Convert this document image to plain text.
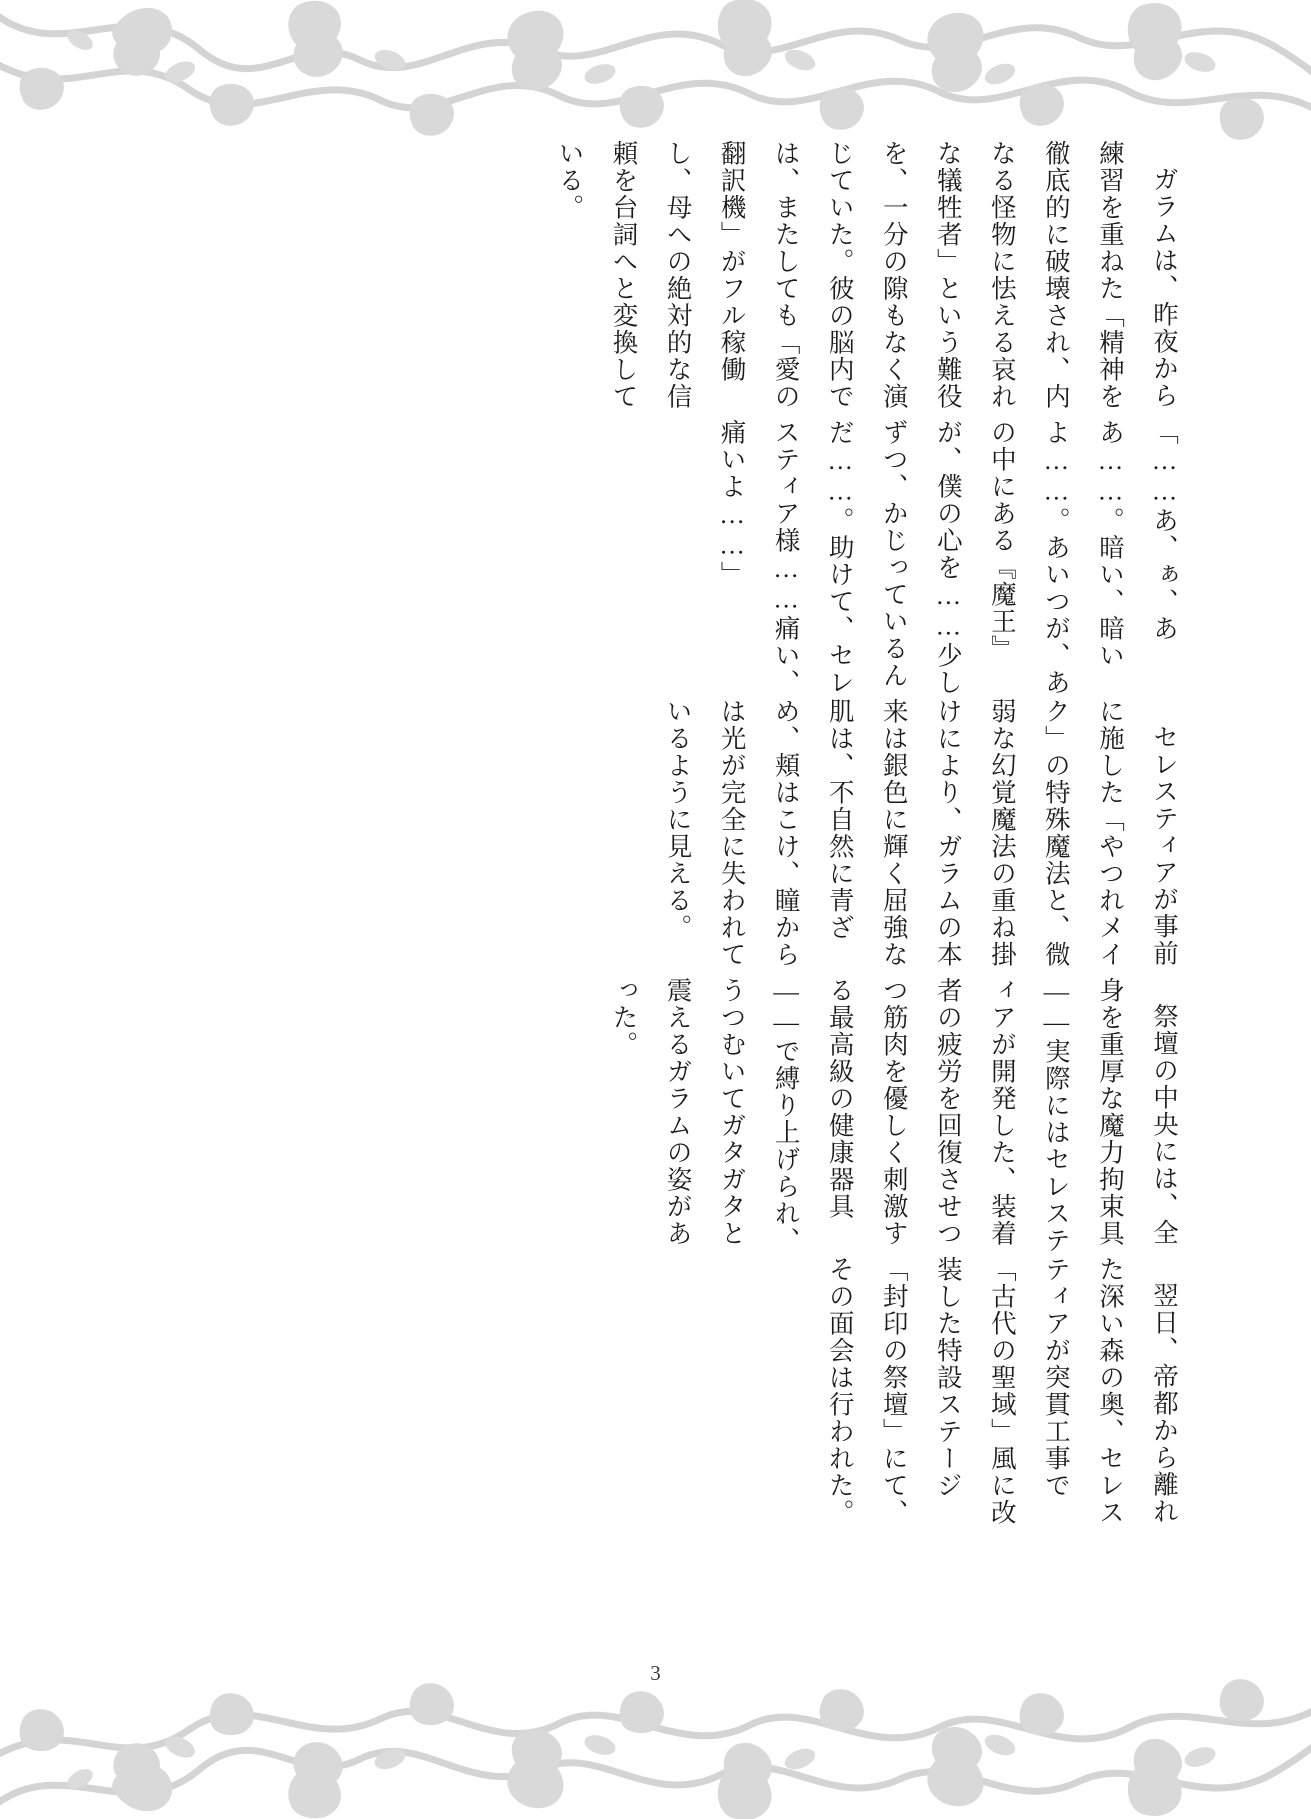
翌日、帝都から離れた深い森の奥、セレスティアが突貫工事で「古代の聖域」風に改装した特設ステージ「封印の祭壇」にて、その面会は行われた。

祭壇の中央には、全身を重厚な魔力拘束具——実際にはセレスティアが開発した、装着者の疲労を回復させつつ筋肉を優しく刺激する最高級の健康器具——で縛り上げられ、うつむいてガタガタと震えるガラムの姿があった。

セレスティアが事前に施した「やつれメイク」の特殊魔法と、微弱な幻覚魔法の重ね掛けにより、ガラムの本来は銀色に輝く屈強な肌は、不自然に青ざめ、頬はこけ、瞳からは光が完全に失われているように見える。

「……あ、ぁ、ああ……。暗い、暗いよ……。あいつが、あの中にある『魔王』が、僕の心を……少しずつ、かじっているんだ……。助けて、セレスティア様……痛い、痛いよ……」

ガラムは、昨夜から練習を重ねた「精神を徹底的に破壊され、内なる怪物に怯える哀れな犠牲者」という難役を、一分の隙もなく演じていた。彼の脳内では、またしても「愛の翻訳機」がフル稼働し、母への絶対的な信頼を台詞へと変換している。

3
